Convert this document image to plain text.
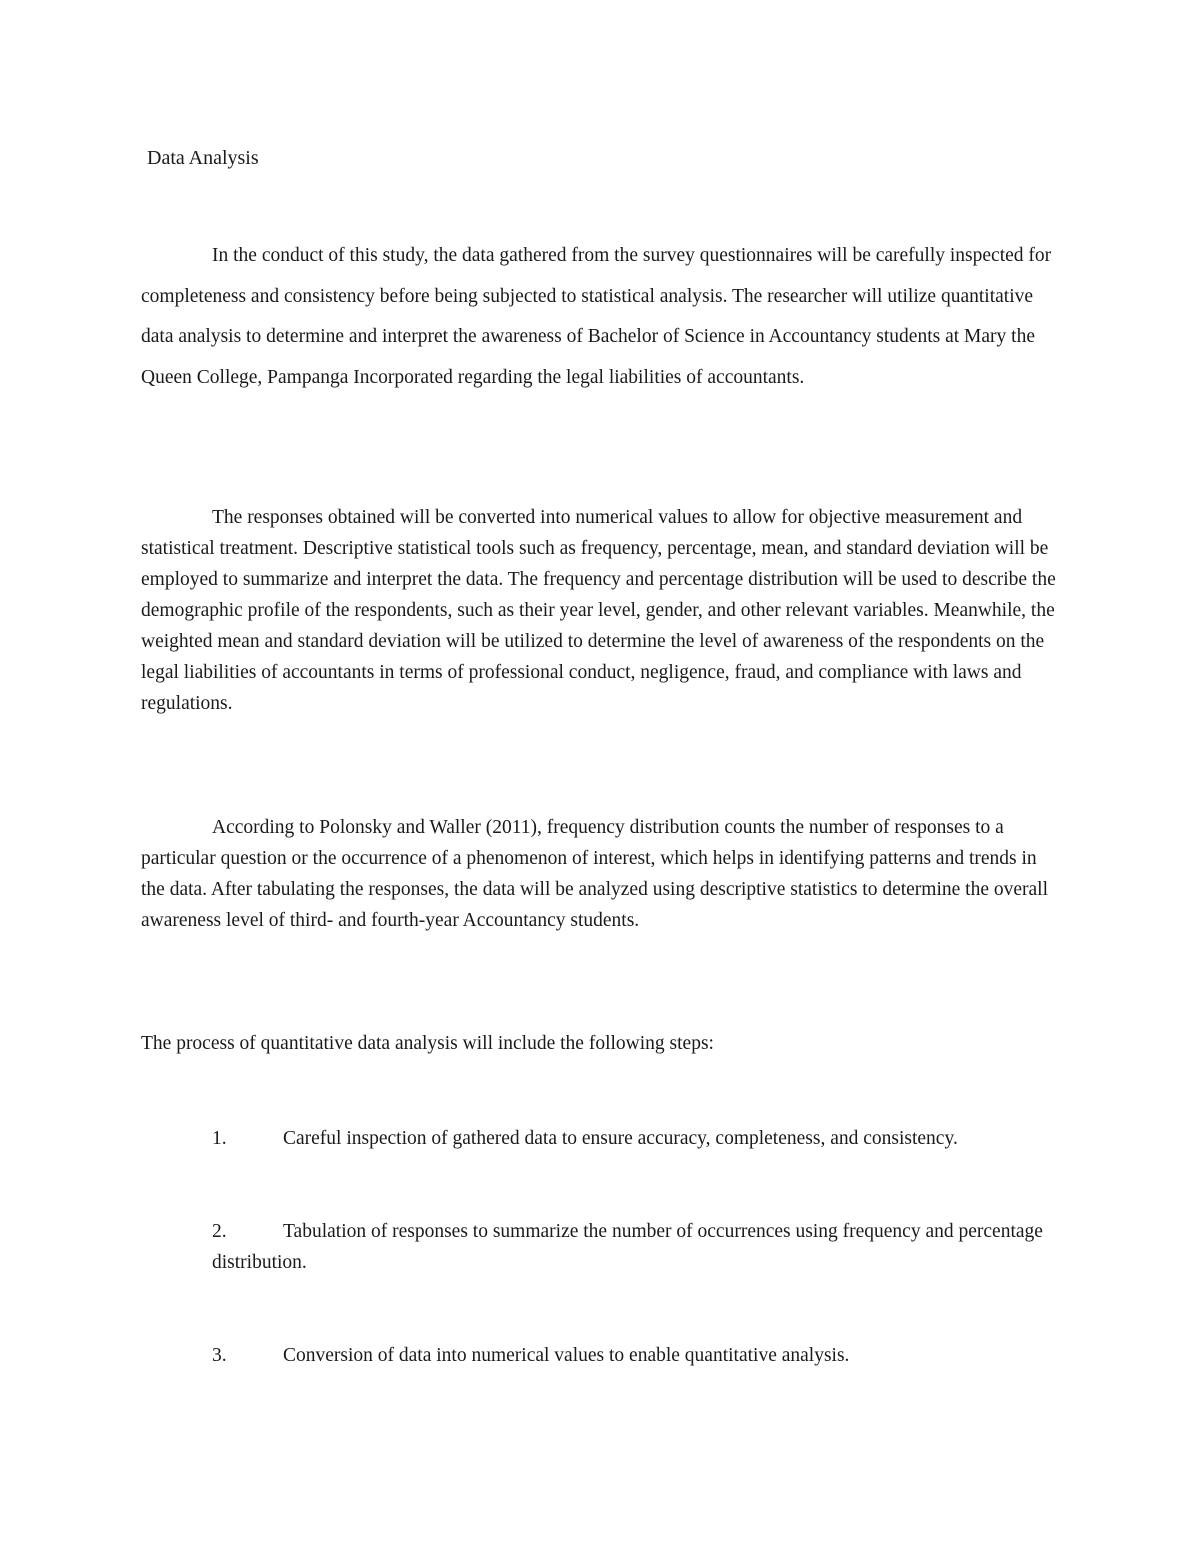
Data Analysis

In the conduct of this study, the data gathered from the survey questionnaires will be carefully inspected for completeness and consistency before being subjected to statistical analysis. The researcher will utilize quantitative data analysis to determine and interpret the awareness of Bachelor of Science in Accountancy students at Mary the Queen College, Pampanga Incorporated regarding the legal liabilities of accountants.

The responses obtained will be converted into numerical values to allow for objective measurement and statistical treatment. Descriptive statistical tools such as frequency, percentage, mean, and standard deviation will be employed to summarize and interpret the data. The frequency and percentage distribution will be used to describe the demographic profile of the respondents, such as their year level, gender, and other relevant variables. Meanwhile, the weighted mean and standard deviation will be utilized to determine the level of awareness of the respondents on the legal liabilities of accountants in terms of professional conduct, negligence, fraud, and compliance with laws and regulations.

According to Polonsky and Waller (2011), frequency distribution counts the number of responses to a particular question or the occurrence of a phenomenon of interest, which helps in identifying patterns and trends in the data. After tabulating the responses, the data will be analyzed using descriptive statistics to determine the overall awareness level of third- and fourth-year Accountancy students.

The process of quantitative data analysis will include the following steps:

1.	Careful inspection of gathered data to ensure accuracy, completeness, and consistency.
2.	Tabulation of responses to summarize the number of occurrences using frequency and percentage distribution.
3.	Conversion of data into numerical values to enable quantitative analysis.
